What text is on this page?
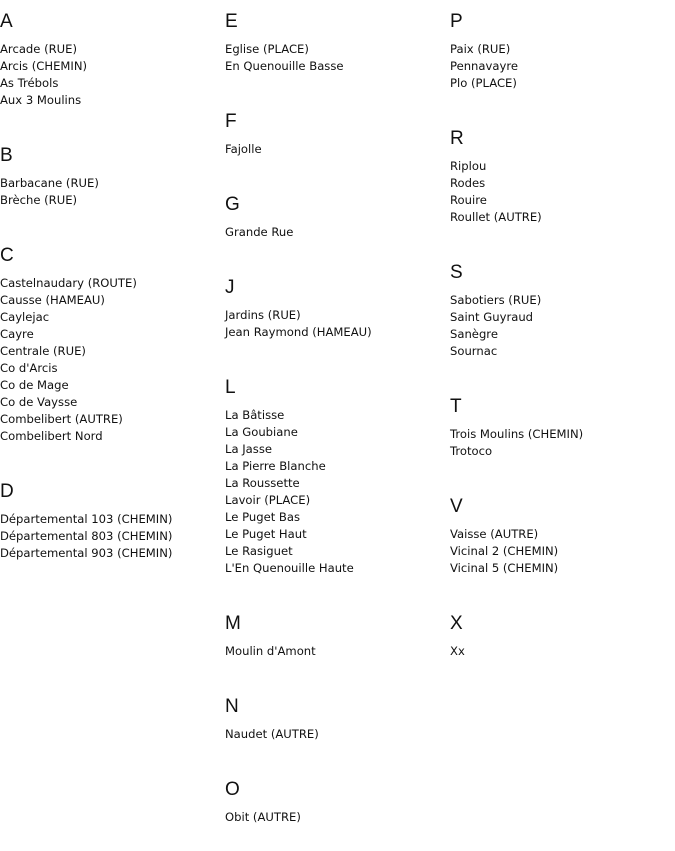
A
Arcade (RUE)
Arcis (CHEMIN)
As Trébols
Aux 3 Moulins
B
Barbacane (RUE)
Brèche (RUE)
C
Castelnaudary (ROUTE)
Causse (HAMEAU)
Caylejac
Cayre
Centrale (RUE)
Co d'Arcis
Co de Mage
Co de Vaysse
Combelibert (AUTRE)
Combelibert Nord
D
Départemental 103 (CHEMIN)
Départemental 803 (CHEMIN)
Départemental 903 (CHEMIN)
E
Eglise (PLACE)
En Quenouille Basse
F
Fajolle
G
Grande Rue
J
Jardins (RUE)
Jean Raymond (HAMEAU)
L
La Bâtisse
La Goubiane
La Jasse
La Pierre Blanche
La Roussette
Lavoir (PLACE)
Le Puget Bas
Le Puget Haut
Le Rasiguet
L'En Quenouille Haute
M
Moulin d'Amont
N
Naudet (AUTRE)
O
Obit (AUTRE)
P
Paix (RUE)
Pennavayre
Plo (PLACE)
R
Riplou
Rodes
Rouire
Roullet (AUTRE)
S
Sabotiers (RUE)
Saint Guyraud
Sanègre
Sournac
T
Trois Moulins (CHEMIN)
Trotoco
V
Vaisse (AUTRE)
Vicinal 2 (CHEMIN)
Vicinal 5 (CHEMIN)
X
Xx
